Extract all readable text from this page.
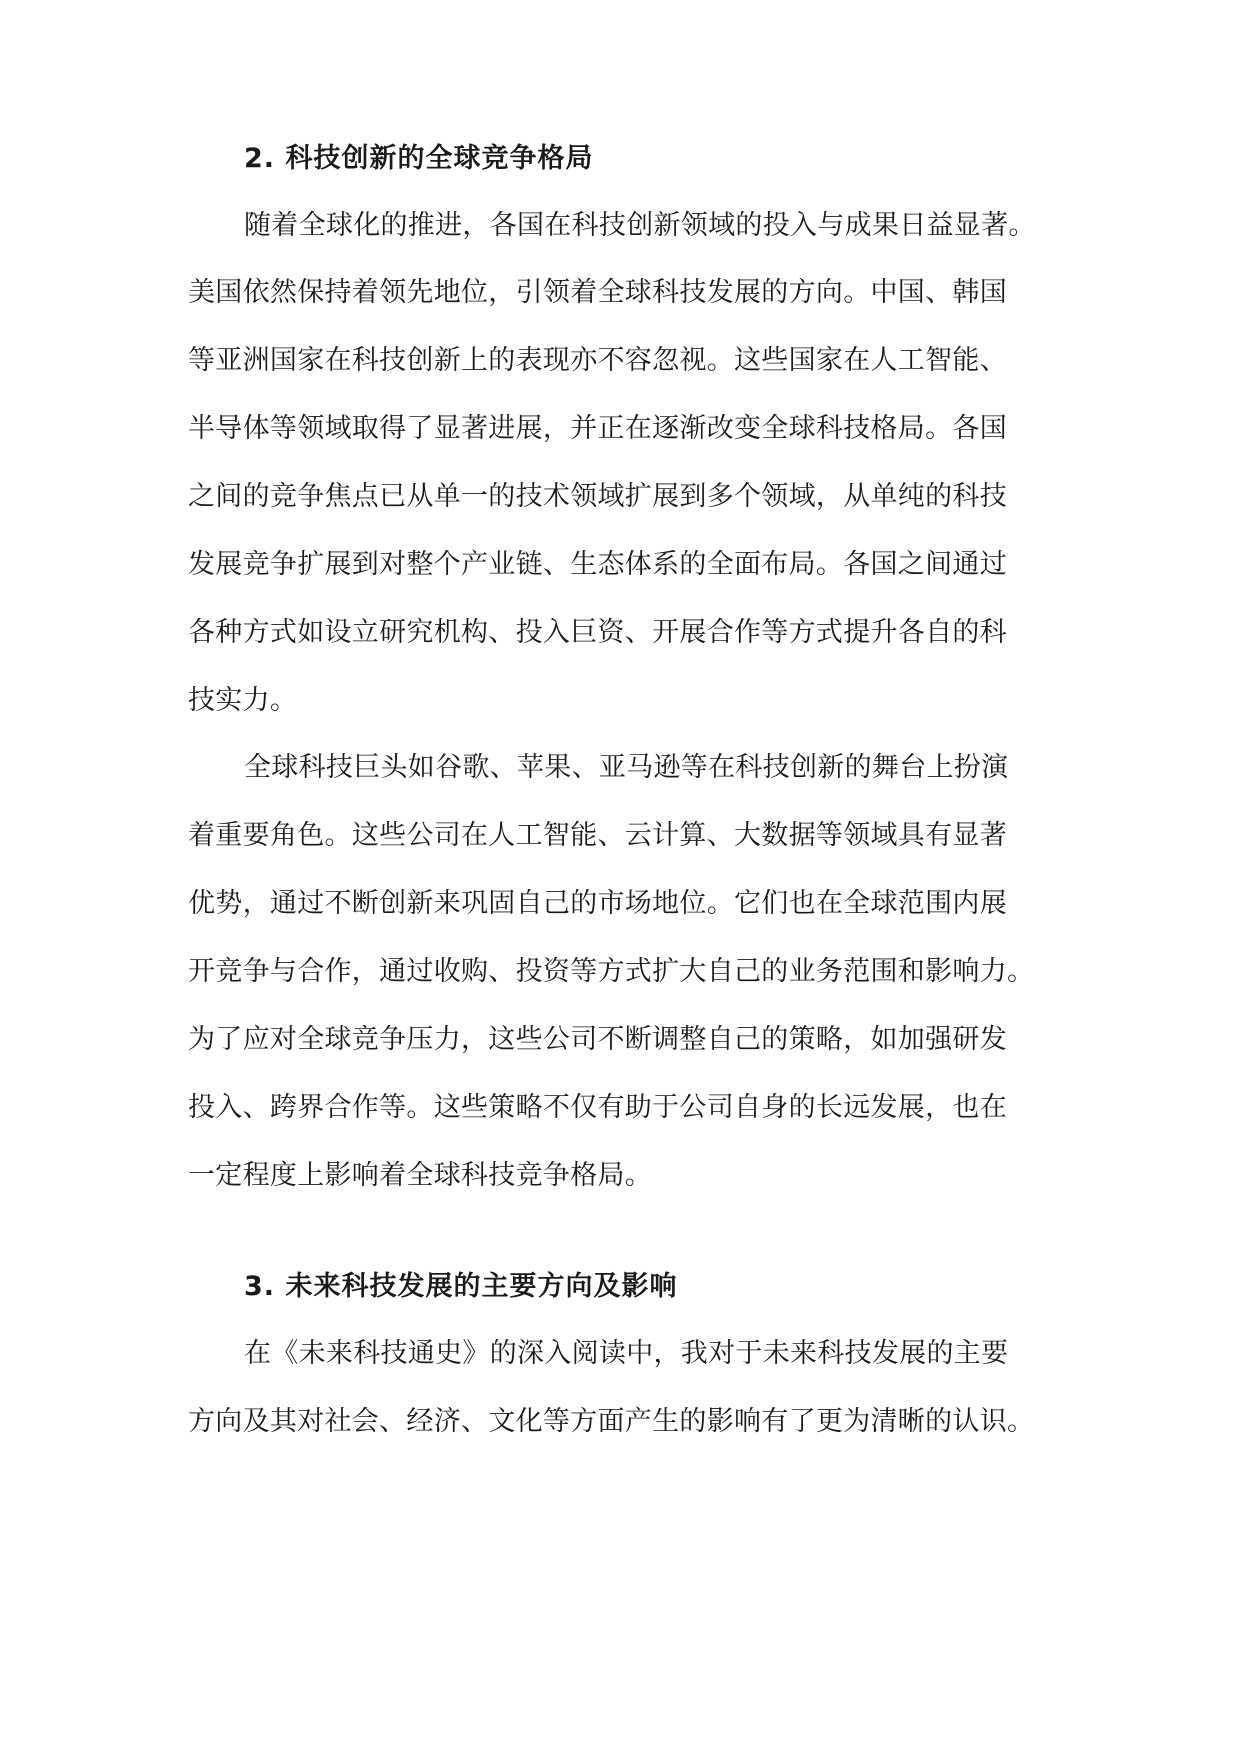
2. 科技创新的全球竞争格局
随着全球化的推进，各国在科技创新领域的投入与成果日益显著。
美国依然保持着领先地位，引领着全球科技发展的方向。中国、韩国
等亚洲国家在科技创新上的表现亦不容忽视。这些国家在人工智能、
半导体等领域取得了显著进展，并正在逐渐改变全球科技格局。各国
之间的竞争焦点已从单一的技术领域扩展到多个领域，从单纯的科技
发展竞争扩展到对整个产业链、生态体系的全面布局。各国之间通过
各种方式如设立研究机构、投入巨资、开展合作等方式提升各自的科
技实力。
全球科技巨头如谷歌、苹果、亚马逊等在科技创新的舞台上扮演
着重要角色。这些公司在人工智能、云计算、大数据等领域具有显著
优势，通过不断创新来巩固自己的市场地位。它们也在全球范围内展
开竞争与合作，通过收购、投资等方式扩大自己的业务范围和影响力。
为了应对全球竞争压力，这些公司不断调整自己的策略，如加强研发
投入、跨界合作等。这些策略不仅有助于公司自身的长远发展，也在
一定程度上影响着全球科技竞争格局。
3. 未来科技发展的主要方向及影响
在《未来科技通史》的深入阅读中，我对于未来科技发展的主要
方向及其对社会、经济、文化等方面产生的影响有了更为清晰的认识。
